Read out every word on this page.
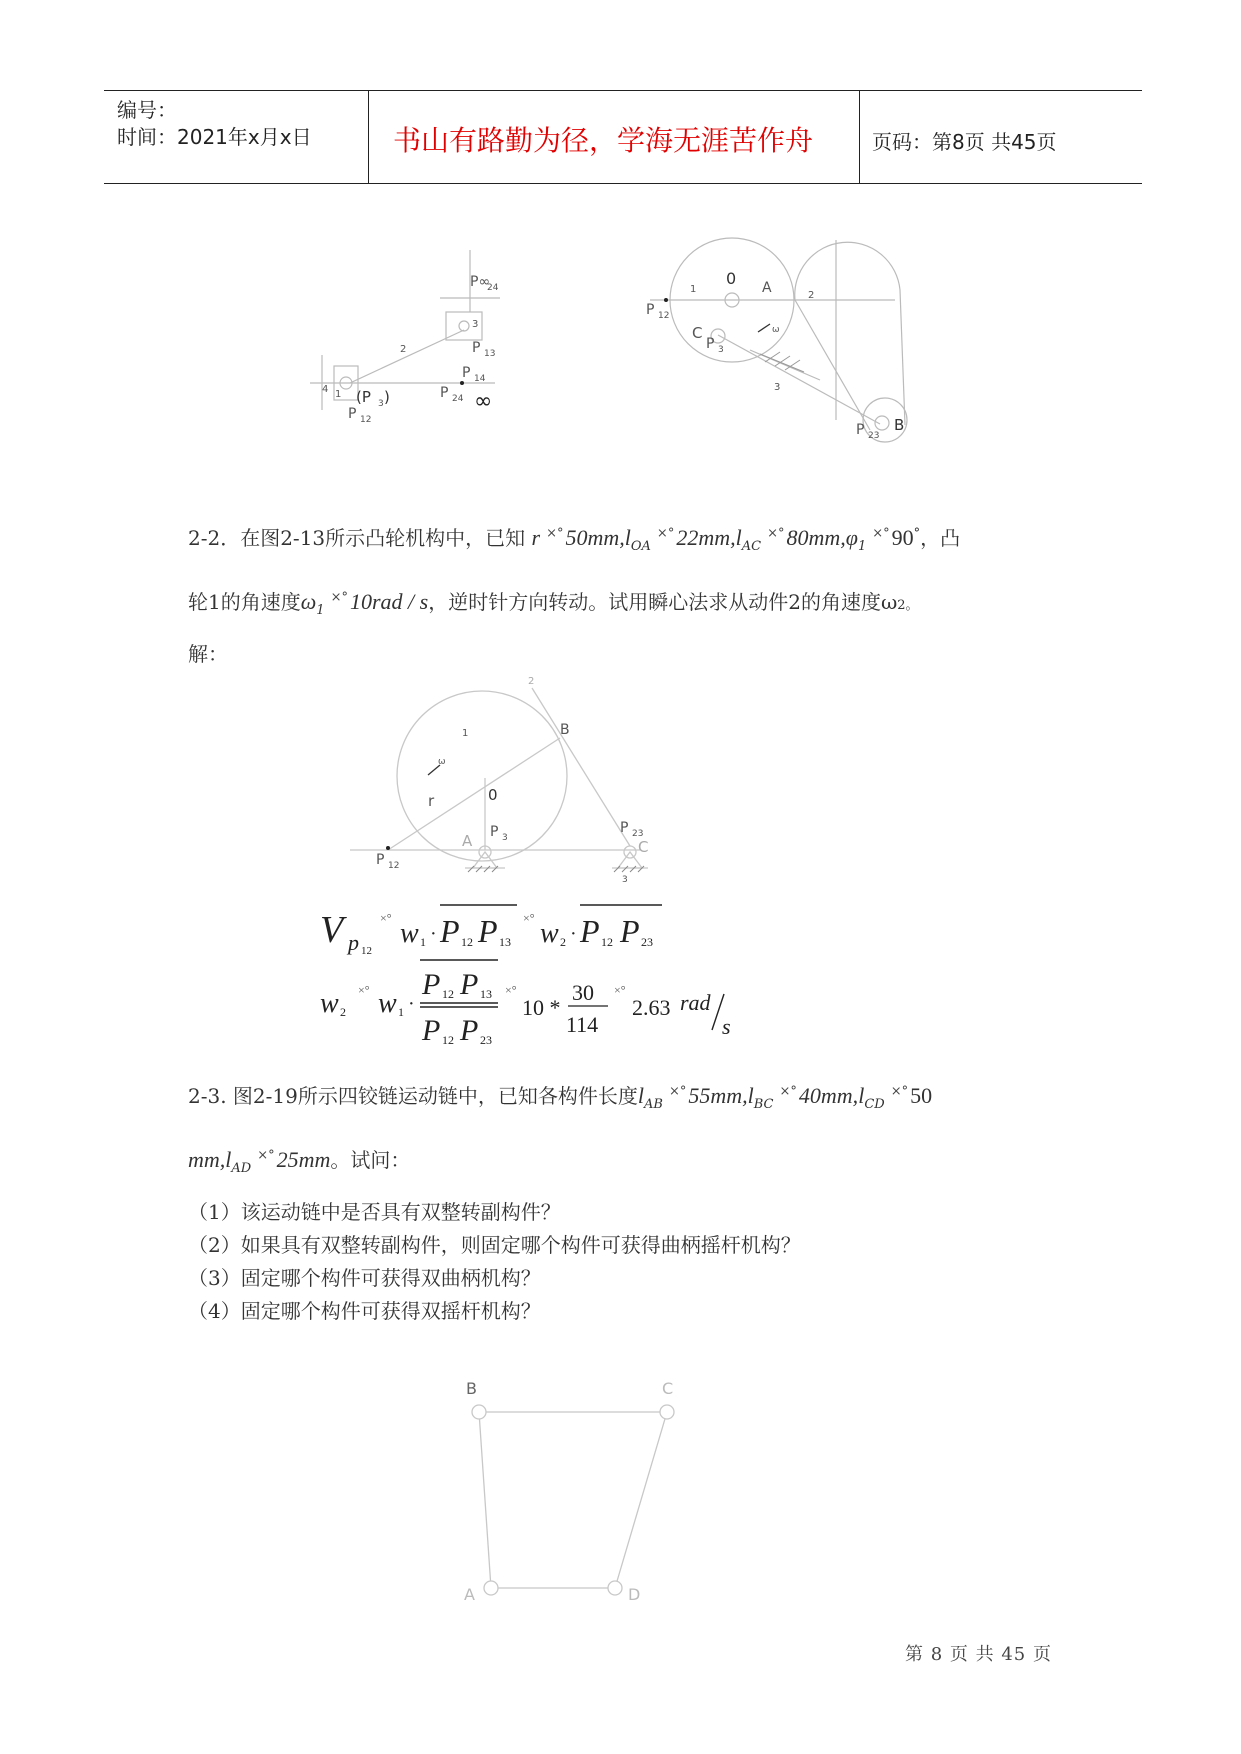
编号：
时间：2021年x月x日	书山有路勤为径，学海无涯苦作舟	页码：第8页 共45页
P∞
24
3
P 13
2
P 14
P 24 ∞
4 1 (P 3 )
P 12
0 A
1
2
P 12
C
P 3
ω
3
P 23
B
2-2．在图2-13所示凸轮机构中，已知 r $^{\times^\circ}50mm,l_{OA}^{\times^\circ}22mm,l_{AC}^{\times^\circ}80mm,\varphi_1^{\times^\circ}90^\circ$，凸
轮1的角速度$\omega_1^{\times^\circ}10rad$ / s，逆时针方向转动。试用瞬心法求从动件2的角速度ω2。
解：
2
B
1
ω
r	0
A P 3
P 23
C
P 12
3
V p 12
×° w 1 · P 12 P 13
×° w 2 · P 12 P 23
w 2
×° w 1 ·
P 12 P 13
P 12 P 23
×°
10 *
30
114
×°
2.63 rad
s
2-3. 图2-19所示四铰链运动链中，已知各构件长度$l_{AB}^{\times^\circ}55mm,l_{BC}^{\times^\circ}40mm,l_{CD}^{\times^\circ}50$
$mm,l_{AD}^{\times^\circ}25mm$。试问：
（1）该运动链中是否具有双整转副构件？
（2）如果具有双整转副构件，则固定哪个构件可获得曲柄摇杆机构？
（3）固定哪个构件可获得双曲柄机构？
（4）固定哪个构件可获得双摇杆机构？
B	C
A	D
第 8 页 共 45 页
